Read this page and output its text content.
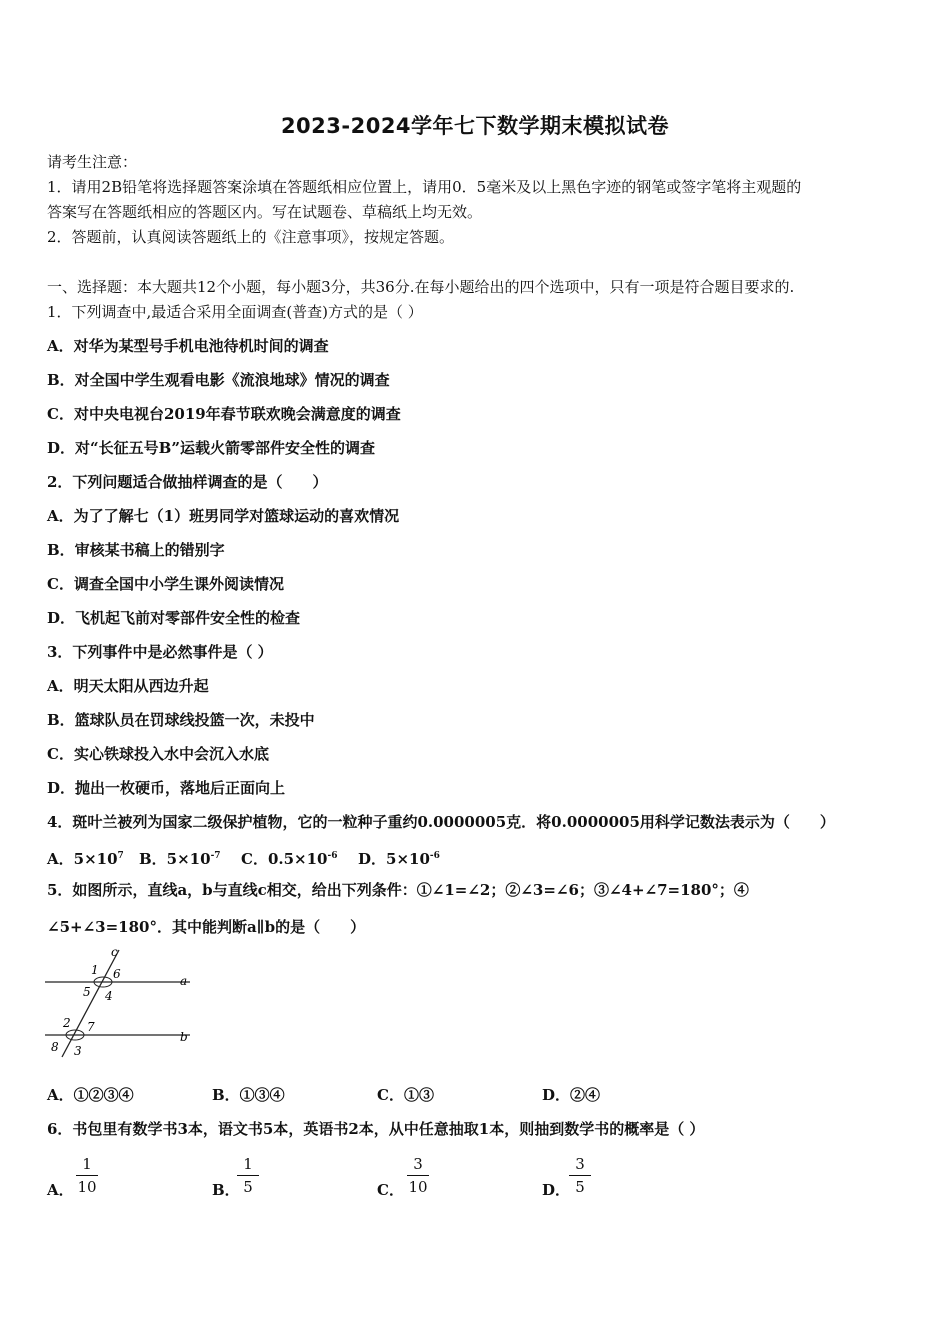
2023-2024学年七下数学期末模拟试卷
请考生注意：
1．请用2B铅笔将选择题答案涂填在答题纸相应位置上，请用0．5毫米及以上黑色字迹的钢笔或签字笔将主观题的
答案写在答题纸相应的答题区内。写在试题卷、草稿纸上均无效。
2．答题前，认真阅读答题纸上的《注意事项》，按规定答题。
一、选择题：本大题共12个小题，每小题3分，共36分.在每小题给出的四个选项中，只有一项是符合题目要求的.
1．下列调查中,最适合采用全面调查(普查)方式的是（ ）
A．对华为某型号手机电池待机时间的调查
B．对全国中学生观看电影《流浪地球》情况的调查
C．对中央电视台2019年春节联欢晚会满意度的调查
D．对“长征五号B”运载火箭零部件安全性的调查
2．下列问题适合做抽样调查的是（　　）
A．为了了解七（1）班男同学对篮球运动的喜欢情况
B．审核某书稿上的错别字
C．调查全国中小学生课外阅读情况
D．飞机起飞前对零部件安全性的检查
3．下列事件中是必然事件是（ ）
A．明天太阳从西边升起
B．篮球队员在罚球线投篮一次，未投中
C．实心铁球投入水中会沉入水底
D．抛出一枚硬币，落地后正面向上
4．斑叶兰被列为国家二级保护植物，它的一粒种子重约0.0000005克．将0.0000005用科学记数法表示为（　　）
A．$5\times 10^7$ B．$5\times 10^{-7}$ C．$0.5\times 10^{-6}$ D．$5\times 10^{-6}$
5．如图所示，直线a，b与直线c相交，给出下列条件：①∠1=∠2；②∠3=∠6；③∠4+∠7=180°；④
∠5+∠3=180°．其中能判断a∥b的是（　　）
c
a
b
1 6
5 4
2 7
8 3
A．①②③④	B．①③④	C．①③	D．②④
6．书包里有数学书3本，语文书5本，英语书2本，从中任意抽取1本，则抽到数学书的概率是（ ）
A．
1
10	B．
1
5	C．
3
10	D．
3
5
